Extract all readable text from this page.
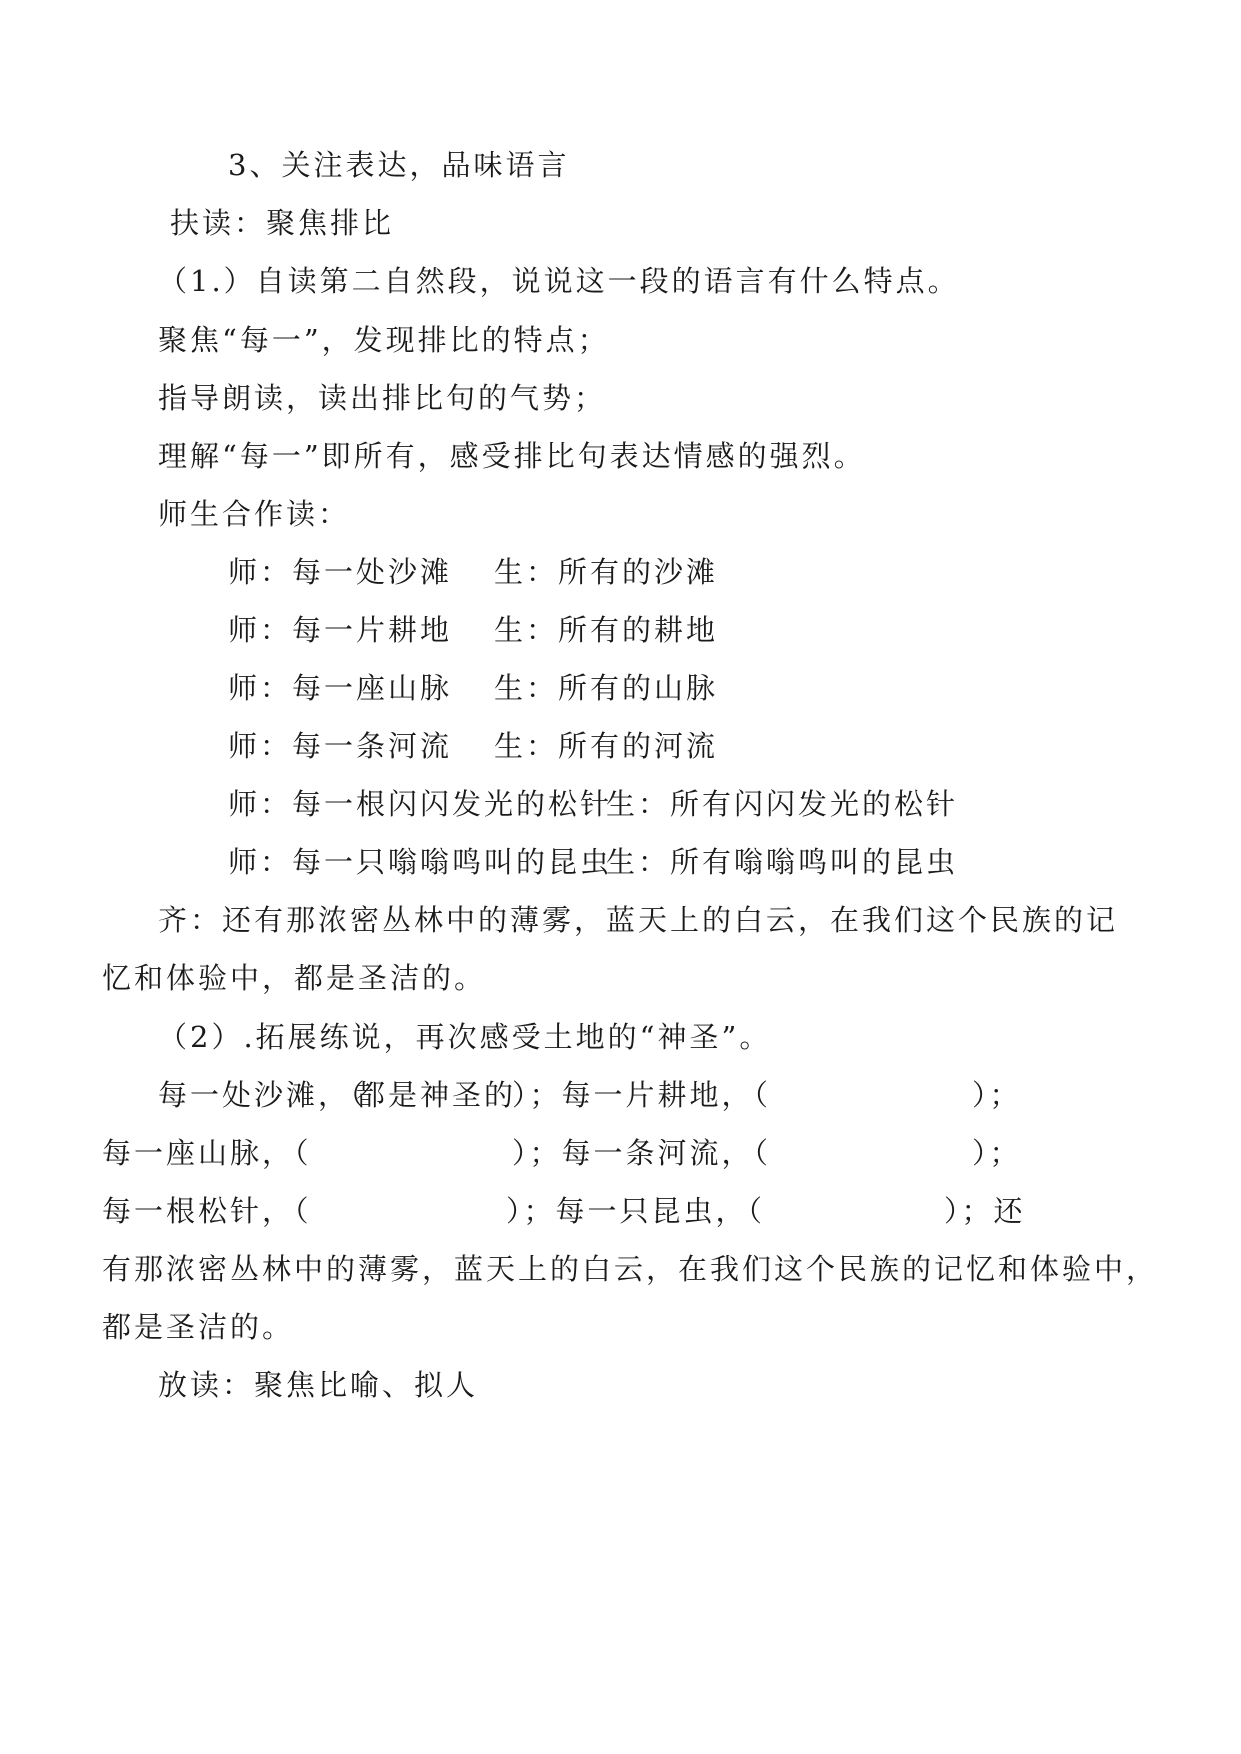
3、关注表达，品味语言
扶读：聚焦排比
（1.）自读第二自然段，说说这一段的语言有什么特点。
聚焦“每一”，发现排比的特点；
指导朗读，读出排比句的气势；
理解“每一”即所有，感受排比句表达情感的强烈。
师生合作读：
师：每一处沙滩 生：所有的沙滩
师：每一片耕地 生：所有的耕地
师：每一座山脉 生：所有的山脉
师：每一条河流 生：所有的河流
师：每一根闪闪发光的松针
生：所有闪闪发光的松针
师：每一只嗡嗡鸣叫的昆虫
生：所有嗡嗡鸣叫的昆虫
齐：还有那浓密丛林中的薄雾，蓝天上的白云，在我们这个民族的记
忆和体验中，都是圣洁的。
（2）.拓展练说，再次感受土地的“神圣”。
每一处沙滩，（
都是神圣的
）；每一片耕地，（	）；
每一座山脉，（	）；每一条河流，（	）；
每一根松针，（	）；每一只昆虫，（	）；还
有那浓密丛林中的薄雾，蓝天上的白云，在我们这个民族的记忆和体验中，
都是圣洁的。
放读：聚焦比喻、拟人
